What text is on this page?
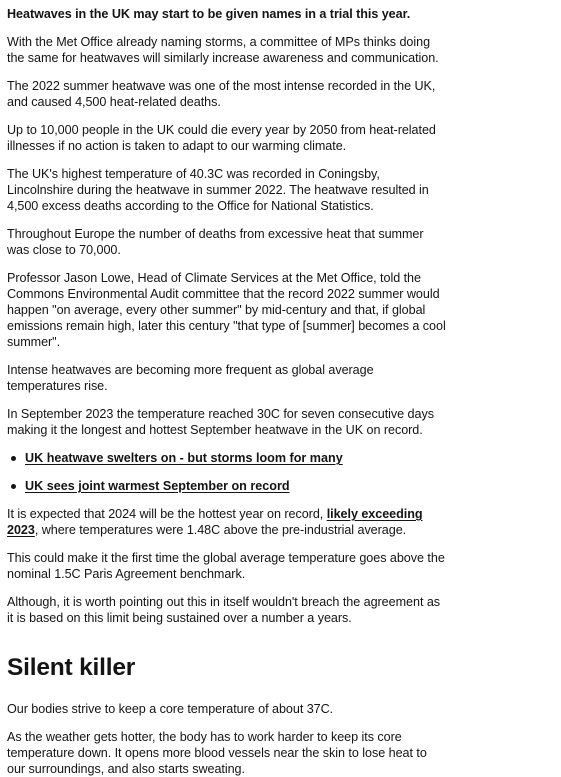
Heatwaves in the UK may start to be given names in a trial this year.

With the Met Office already naming storms, a committee of MPs thinks doing the same for heatwaves will similarly increase awareness and communication.

The 2022 summer heatwave was one of the most intense recorded in the UK, and caused 4,500 heat-related deaths.

Up to 10,000 people in the UK could die every year by 2050 from heat-related illnesses if no action is taken to adapt to our warming climate.

The UK's highest temperature of 40.3C was recorded in Coningsby, Lincolnshire during the heatwave in summer 2022. The heatwave resulted in 4,500 excess deaths according to the Office for National Statistics.

Throughout Europe the number of deaths from excessive heat that summer was close to 70,000.

Professor Jason Lowe, Head of Climate Services at the Met Office, told the Commons Environmental Audit committee that the record 2022 summer would happen "on average, every other summer" by mid-century and that, if global emissions remain high, later this century "that type of [summer] becomes a cool summer".

Intense heatwaves are becoming more frequent as global average temperatures rise.

In September 2023 the temperature reached 30C for seven consecutive days making it the longest and hottest September heatwave in the UK on record.

UK heatwave swelters on - but storms loom for many
UK sees joint warmest September on record

It is expected that 2024 will be the hottest year on record, likely exceeding 2023, where temperatures were 1.48C above the pre-industrial average.

This could make it the first time the global average temperature goes above the nominal 1.5C Paris Agreement benchmark.

Although, it is worth pointing out this in itself wouldn't breach the agreement as it is based on this limit being sustained over a number a years.

Silent killer

Our bodies strive to keep a core temperature of about 37C.

As the weather gets hotter, the body has to work harder to keep its core temperature down. It opens more blood vessels near the skin to lose heat to our surroundings, and also starts sweating.
